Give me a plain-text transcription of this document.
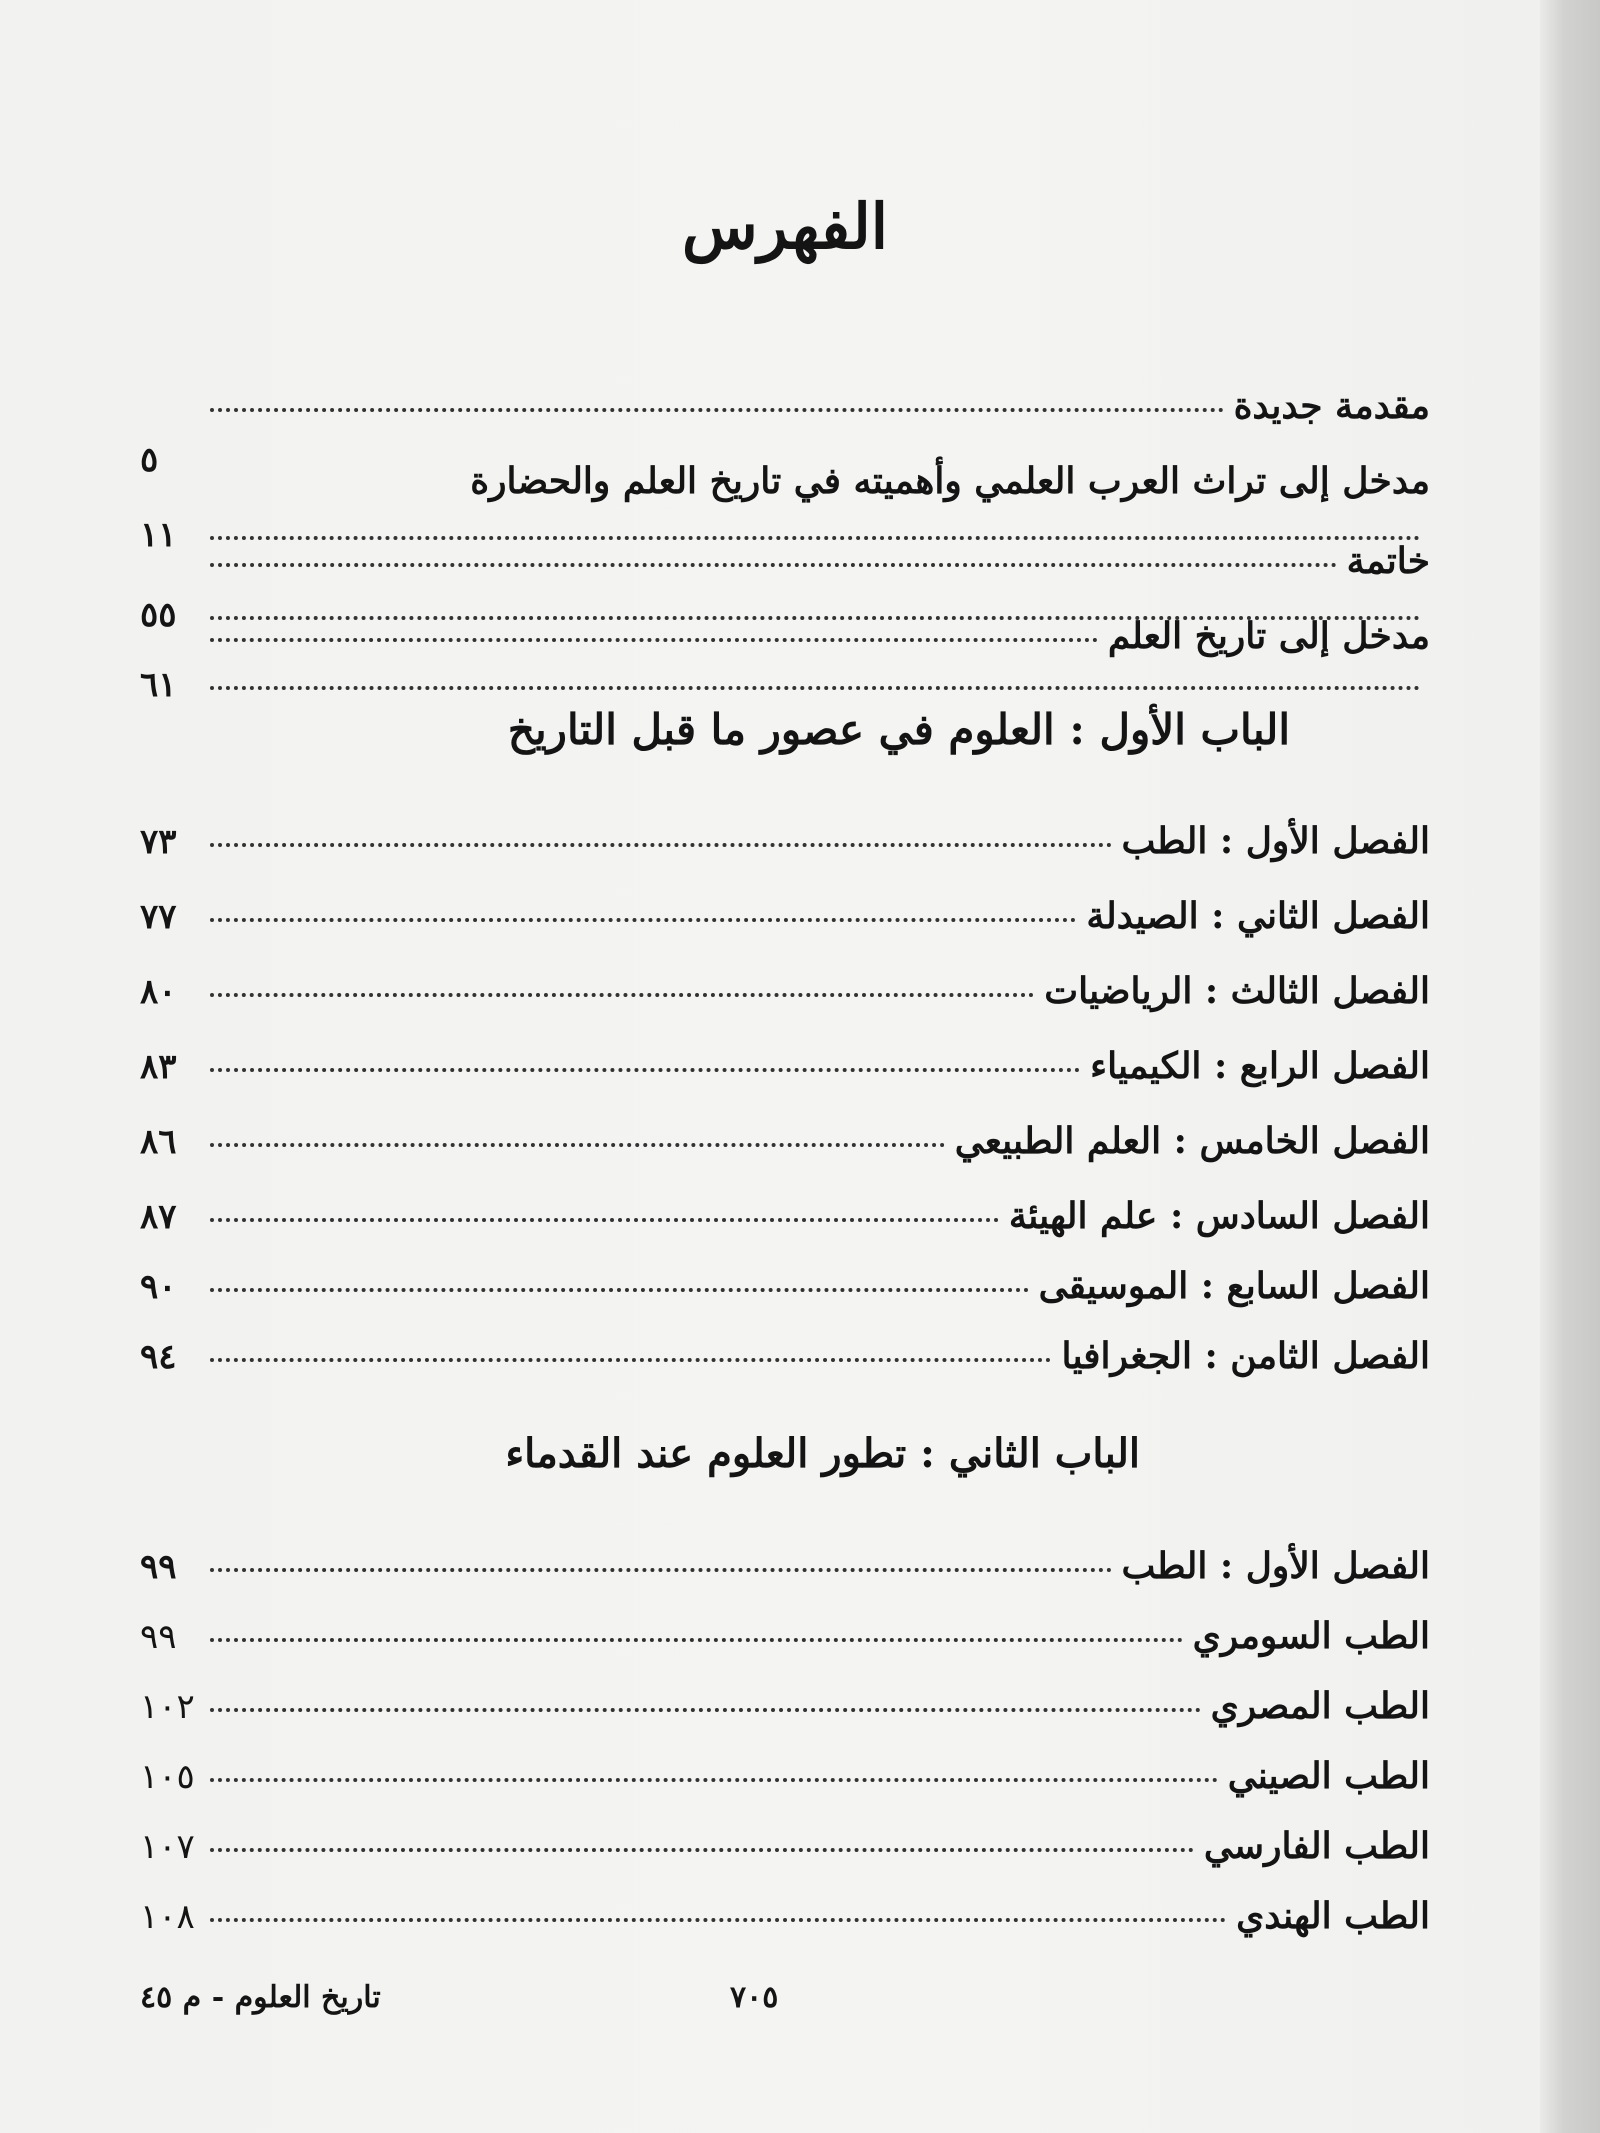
الفهرس
مقدمة جديدة
٥	مدخل إلى تراث العرب العلمي وأهميته في تاريخ العلم والحضارة
١١
خاتمة
٥٥	مدخل إلى تاريخ العلم
٦١
الباب الأول : العلوم في عصور ما قبل التاريخ
الفصل الأول : الطب
٧٣
الفصل الثاني : الصيدلة
٧٧
الفصل الثالث : الرياضيات
٨٠
الفصل الرابع : الكيمياء
٨٣
الفصل الخامس : العلم الطبيعي
٨٦
الفصل السادس : علم الهيئة
٨٧
الفصل السابع : الموسيقى
٩٠
الفصل الثامن : الجغرافيا
٩٤
الباب الثاني : تطور العلوم عند القدماء
الفصل الأول : الطب
٩٩
الطب السومري
٩٩
الطب المصري
١٠٢
الطب الصيني
١٠٥
الطب الفارسي
١٠٧
الطب الهندي
١٠٨
٧٠٥
تاريخ العلوم - م ٤٥
